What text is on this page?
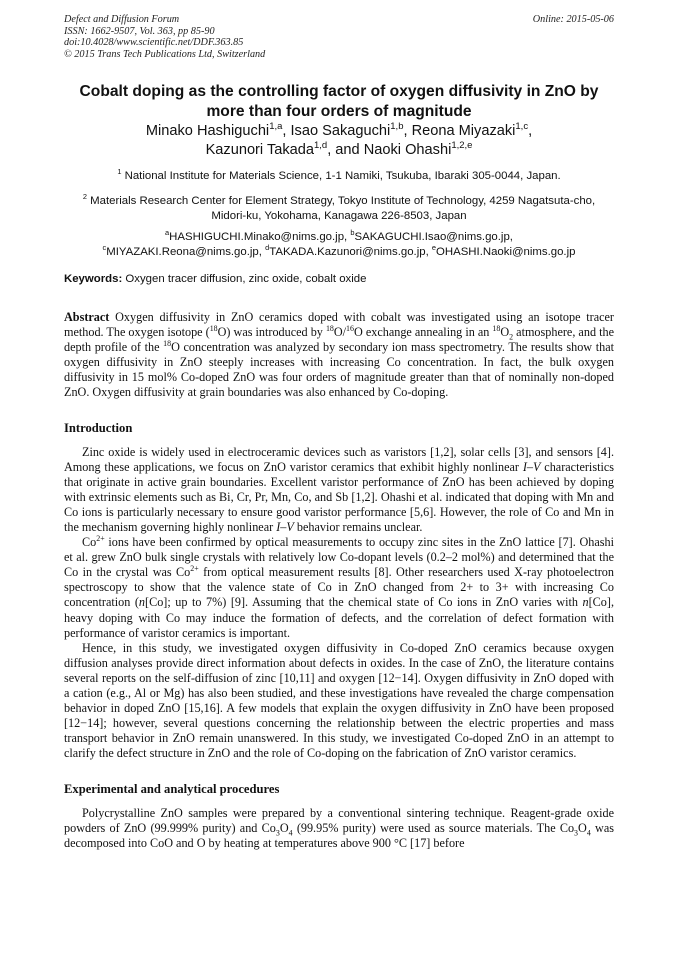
Defect and Diffusion Forum
ISSN: 1662-9507, Vol. 363, pp 85-90
doi:10.4028/www.scientific.net/DDF.363.85
© 2015 Trans Tech Publications Ltd, Switzerland
Online: 2015-05-06
Cobalt doping as the controlling factor of oxygen diffusivity in ZnO by more than four orders of magnitude
Minako Hashiguchi$^{1,a}$, Isao Sakaguchi$^{1,b}$, Reona Miyazaki$^{1,c}$,
Kazunori Takada$^{1,d}$, and Naoki Ohashi$^{1,2,e}$
$^1$ National Institute for Materials Science, 1-1 Namiki, Tsukuba, Ibaraki 305-0044, Japan.
$^2$ Materials Research Center for Element Strategy, Tokyo Institute of Technology, 4259 Nagatsuta-cho, Midori-ku, Yokohama, Kanagawa 226-8503, Japan
$^a$HASHIGUCHI.Minako@nims.go.jp, $^b$SAKAGUCHI.Isao@nims.go.jp,
$^c$MIYAZAKI.Reona@nims.go.jp, $^d$TAKADA.Kazunori@nims.go.jp, $^e$OHASHI.Naoki@nims.go.jp
Keywords: Oxygen tracer diffusion, zinc oxide, cobalt oxide
Abstract Oxygen diffusivity in ZnO ceramics doped with cobalt was investigated using an isotope tracer method. The oxygen isotope ($^{18}$O) was introduced by $^{18}$O/$^{16}$O exchange annealing in an $^{18}O_2$ atmosphere, and the depth profile of the $^{18}$O concentration was analyzed by secondary ion mass spectrometry. The results show that oxygen diffusivity in ZnO steeply increases with increasing Co concentration. In fact, the bulk oxygen diffusivity in 15 mol% Co-doped ZnO was four orders of magnitude greater than that of nominally non-doped ZnO. Oxygen diffusivity at grain boundaries was also enhanced by Co-doping.
Introduction

Zinc oxide is widely used in electroceramic devices such as varistors [1,2], solar cells [3], and sensors [4]. Among these applications, we focus on ZnO varistor ceramics that exhibit highly nonlinear I–V characteristics that originate in active grain boundaries. Excellent varistor performance of ZnO has been achieved by doping with extrinsic elements such as Bi, Cr, Pr, Mn, Co, and Sb [1,2]. Ohashi et al. indicated that doping with Mn and Co ions is particularly necessary to ensure good varistor performance [5,6]. However, the role of Co and Mn in the mechanism governing highly nonlinear I–V behavior remains unclear.

$Co^{2+}$ ions have been confirmed by optical measurements to occupy zinc sites in the ZnO lattice [7]. Ohashi et al. grew ZnO bulk single crystals with relatively low Co-dopant levels (0.2–2 mol%) and determined that the Co in the crystal was $Co^{2+}$ from optical measurement results [8]. Other researchers used X-ray photoelectron spectroscopy to show that the valence state of Co in ZnO changed from 2+ to 3+ with increasing Co concentration (n[Co]; up to 7%) [9]. Assuming that the chemical state of Co ions in ZnO varies with n[Co], heavy doping with Co may induce the formation of defects, and the correlation of defect formation with performance of varistor ceramics is important.

Hence, in this study, we investigated oxygen diffusivity in Co-doped ZnO ceramics because oxygen diffusion analyses provide direct information about defects in oxides. In the case of ZnO, the literature contains several reports on the self-diffusion of zinc [10,11] and oxygen [12−14]. Oxygen diffusivity in ZnO doped with a cation (e.g., Al or Mg) has also been studied, and these investigations have revealed the charge compensation behavior in doped ZnO [15,16]. A few models that explain the oxygen diffusivity in ZnO have been proposed [12−14]; however, several questions concerning the relationship between the electric properties and mass transport behavior in ZnO remain unanswered. In this study, we investigated Co-doped ZnO in an attempt to clarify the defect structure in ZnO and the role of Co-doping on the fabrication of ZnO varistor ceramics.

Experimental and analytical procedures

Polycrystalline ZnO samples were prepared by a conventional sintering technique. Reagent-grade oxide powders of ZnO (99.999% purity) and $Co_3O_4$ (99.95% purity) were used as source materials. The $Co_3O_4$ was decomposed into CoO and O by heating at temperatures above 900 °C [17] before
